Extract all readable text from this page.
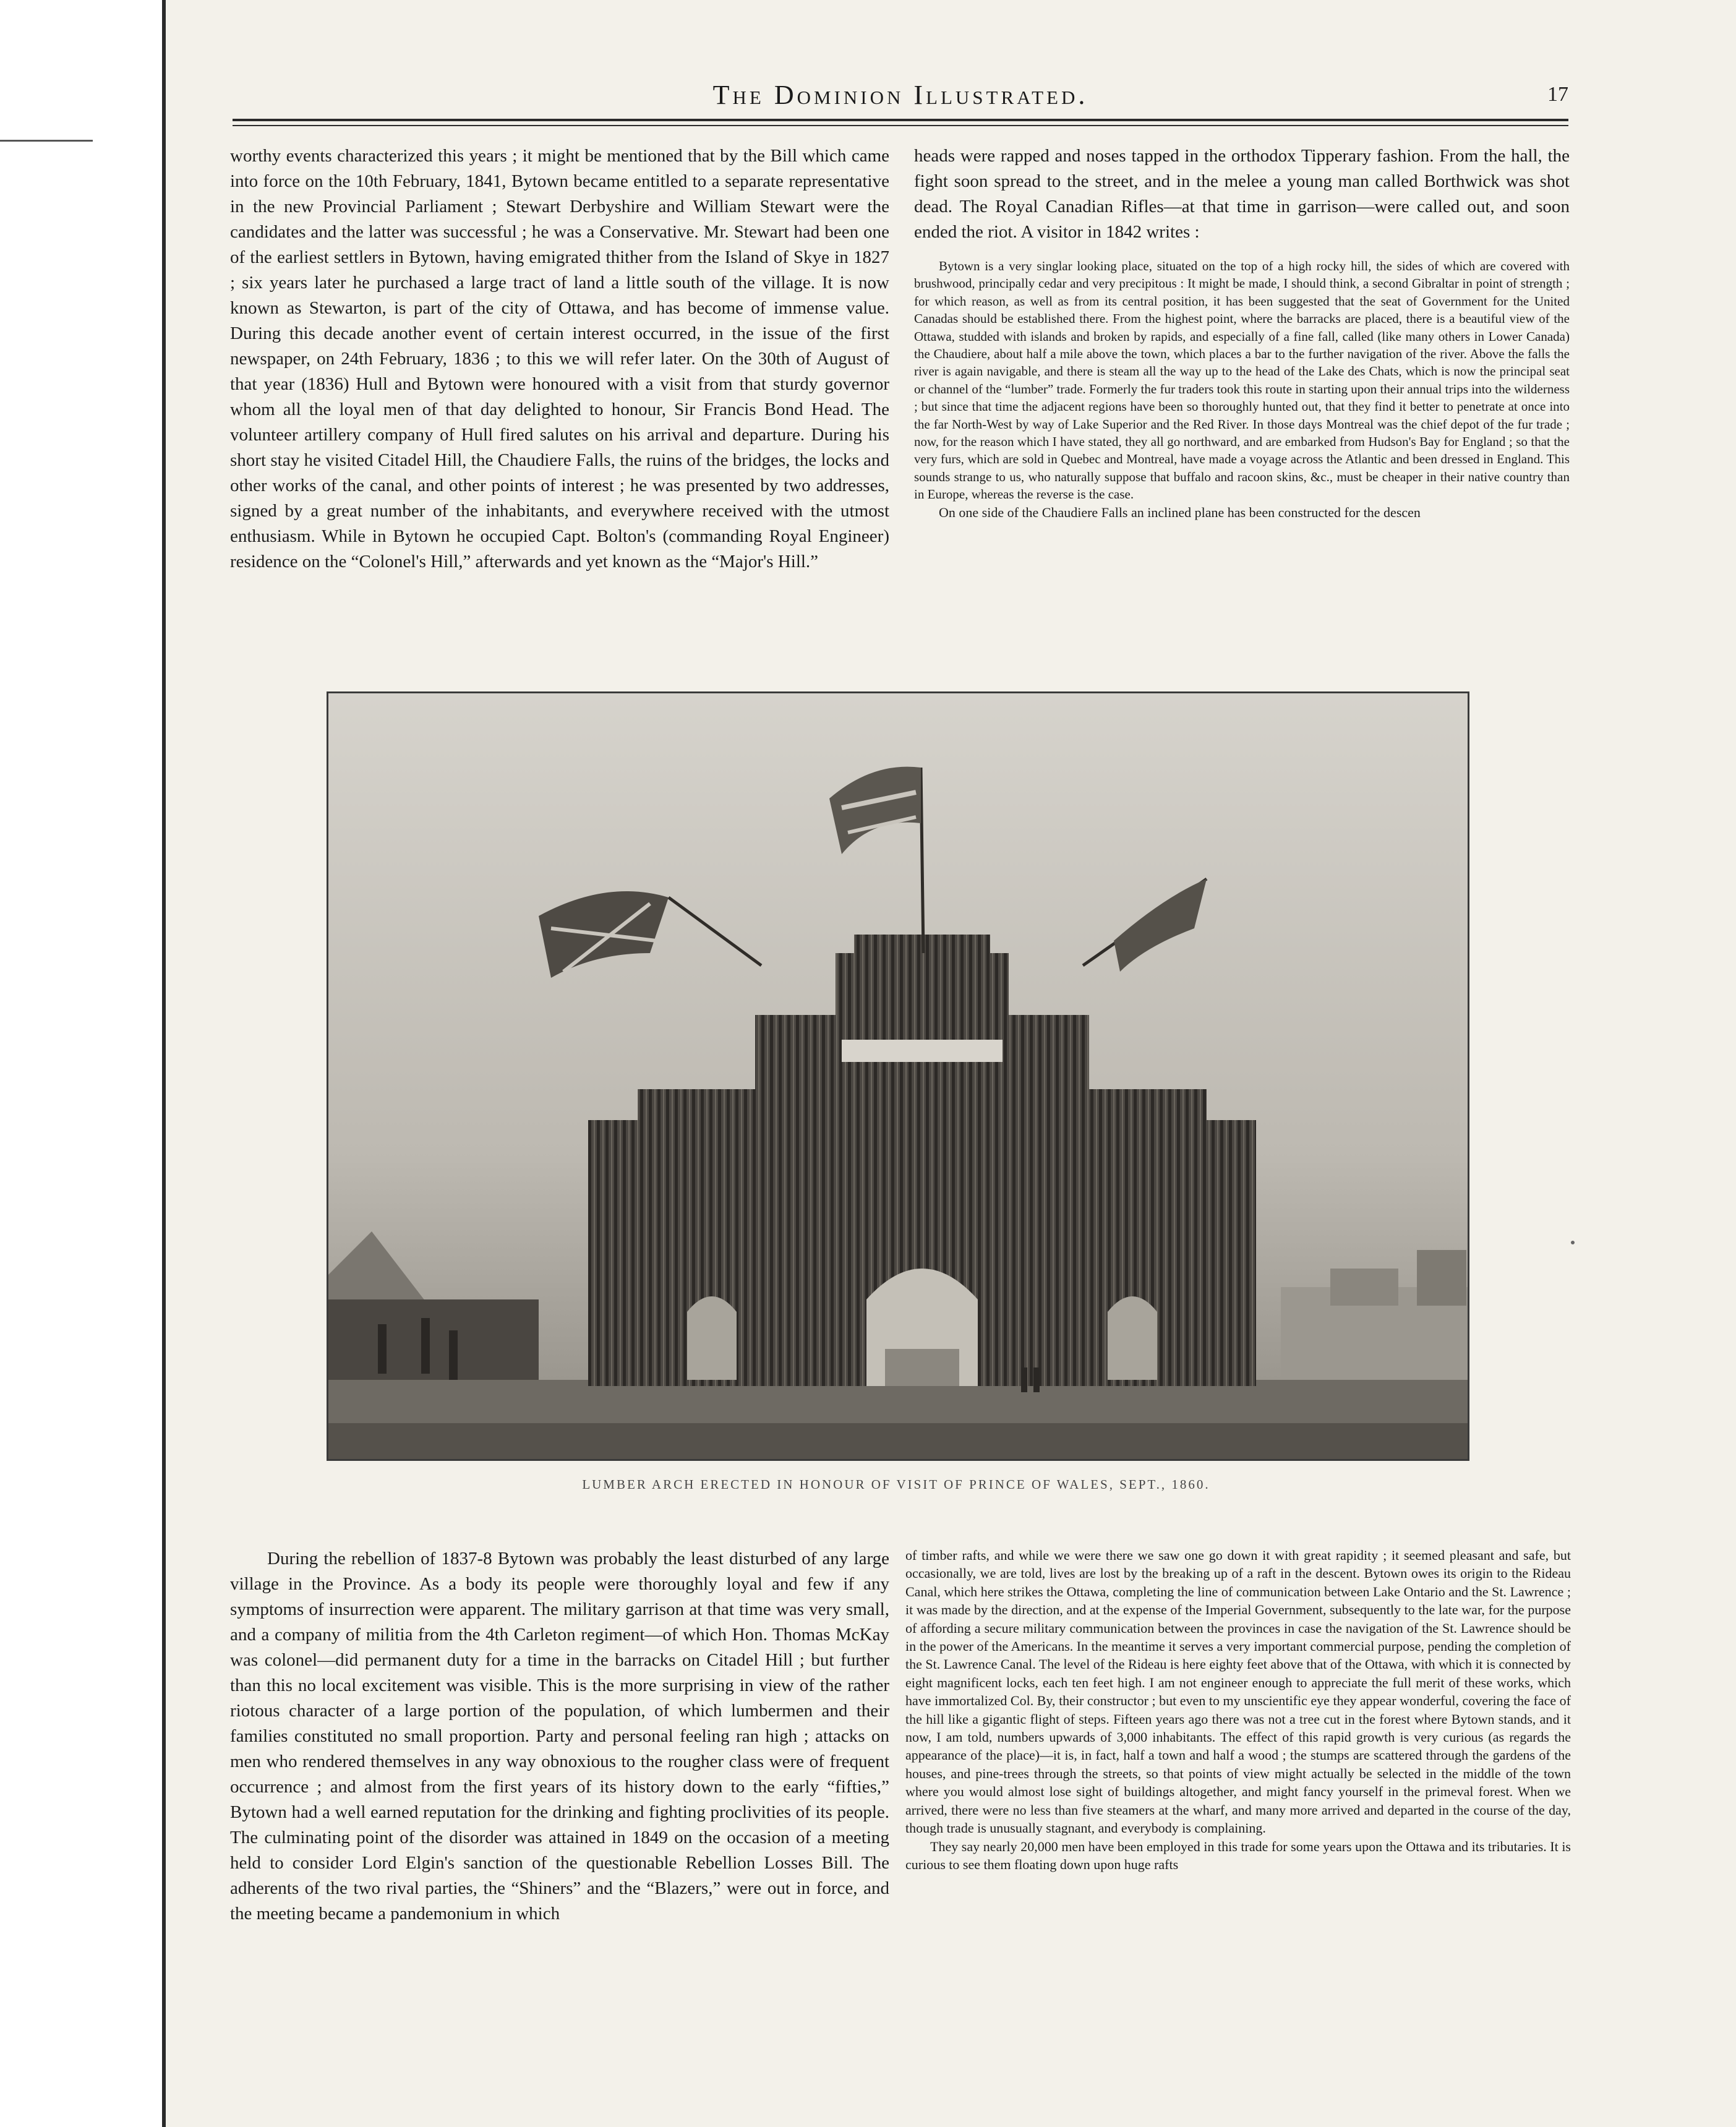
The Dominion Illustrated.	17

worthy events characterized this years ; it might be mentioned that by the Bill which came into force on the 10th February, 1841, Bytown became entitled to a separate representative in the new Provincial Parliament ; Stewart Derbyshire and William Stewart were the candidates and the latter was successful ; he was a Conservative. Mr. Stewart had been one of the earliest settlers in Bytown, having emigrated thither from the Island of Skye in 1827 ; six years later he purchased a large tract of land a little south of the village. It is now known as Stewarton, is part of the city of Ottawa, and has become of immense value. During this decade another event of certain interest occurred, in the issue of the first newspaper, on 24th February, 1836 ; to this we will refer later. On the 30th of August of that year (1836) Hull and Bytown were honoured with a visit from that sturdy governor whom all the loyal men of that day delighted to honour, Sir Francis Bond Head. The volunteer artillery company of Hull fired salutes on his arrival and departure. During his short stay he visited Citadel Hill, the Chaudiere Falls, the ruins of the bridges, the locks and other works of the canal, and other points of interest ; he was presented by two addresses, signed by a great number of the inhabitants, and everywhere received with the utmost enthusiasm. While in Bytown he occupied Capt. Bolton's (commanding Royal Engineer) residence on the “Colonel's Hill,” afterwards and yet known as the “Major's Hill.”

heads were rapped and noses tapped in the orthodox Tipperary fashion. From the hall, the fight soon spread to the street, and in the melee a young man called Borthwick was shot dead. The Royal Canadian Rifles—at that time in garrison—were called out, and soon ended the riot. A visitor in 1842 writes :

Bytown is a very singlar looking place, situated on the top of a high rocky hill, the sides of which are covered with brushwood, principally cedar and very precipitous : It might be made, I should think, a second Gibraltar in point of strength ; for which reason, as well as from its central position, it has been suggested that the seat of Government for the United Canadas should be established there. From the highest point, where the barracks are placed, there is a beautiful view of the Ottawa, studded with islands and broken by rapids, and especially of a fine fall, called (like many others in Lower Canada) the Chaudiere, about half a mile above the town, which places a bar to the further navigation of the river. Above the falls the river is again navigable, and there is steam all the way up to the head of the Lake des Chats, which is now the principal seat or channel of the “lumber” trade. Formerly the fur traders took this route in starting upon their annual trips into the wilderness ; but since that time the adjacent regions have been so thoroughly hunted out, that they find it better to penetrate at once into the far North-West by way of Lake Superior and the Red River. In those days Montreal was the chief depot of the fur trade ; now, for the reason which I have stated, they all go northward, and are embarked from Hudson's Bay for England ; so that the very furs, which are sold in Quebec and Montreal, have made a voyage across the Atlantic and been dressed in England. This sounds strange to us, who naturally suppose that buffalo and racoon skins, &c., must be cheaper in their native country than in Europe, whereas the reverse is the case.

On one side of the Chaudiere Falls an inclined plane has been constructed for the descen

LUMBER ARCH ERECTED IN HONOUR OF VISIT OF PRINCE OF WALES, SEPT., 1860.

During the rebellion of 1837-8 Bytown was probably the least disturbed of any large village in the Province. As a body its people were thoroughly loyal and few if any symptoms of insurrection were apparent. The military garrison at that time was very small, and a company of militia from the 4th Carleton regiment—of which Hon. Thomas McKay was colonel—did permanent duty for a time in the barracks on Citadel Hill ; but further than this no local excitement was visible. This is the more surprising in view of the rather riotous character of a large portion of the population, of which lumbermen and their families constituted no small proportion. Party and personal feeling ran high ; attacks on men who rendered themselves in any way obnoxious to the rougher class were of frequent occurrence ; and almost from the first years of its history down to the early “fifties,” Bytown had a well earned reputation for the drinking and fighting proclivities of its people. The culminating point of the disorder was attained in 1849 on the occasion of a meeting held to consider Lord Elgin's sanction of the questionable Rebellion Losses Bill. The adherents of the two rival parties, the “Shiners” and the “Blazers,” were out in force, and the meeting became a pandemonium in which

of timber rafts, and while we were there we saw one go down it with great rapidity ; it seemed pleasant and safe, but occasionally, we are told, lives are lost by the breaking up of a raft in the descent. Bytown owes its origin to the Rideau Canal, which here strikes the Ottawa, completing the line of communication between Lake Ontario and the St. Lawrence ; it was made by the direction, and at the expense of the Imperial Government, subsequently to the late war, for the purpose of affording a secure military communication between the provinces in case the navigation of the St. Lawrence should be in the power of the Americans. In the meantime it serves a very important commercial purpose, pending the completion of the St. Lawrence Canal. The level of the Rideau is here eighty feet above that of the Ottawa, with which it is connected by eight magnificent locks, each ten feet high. I am not engineer enough to appreciate the full merit of these works, which have immortalized Col. By, their constructor ; but even to my unscientific eye they appear wonderful, covering the face of the hill like a gigantic flight of steps. Fifteen years ago there was not a tree cut in the forest where Bytown stands, and it now, I am told, numbers upwards of 3,000 inhabitants. The effect of this rapid growth is very curious (as regards the appearance of the place)—it is, in fact, half a town and half a wood ; the stumps are scattered through the gardens of the houses, and pine-trees through the streets, so that points of view might actually be selected in the middle of the town where you would almost lose sight of buildings altogether, and might fancy yourself in the primeval forest. When we arrived, there were no less than five steamers at the wharf, and many more arrived and departed in the course of the day, though trade is unusually stagnant, and everybody is complaining.

They say nearly 20,000 men have been employed in this trade for some years upon the Ottawa and its tributaries. It is curious to see them floating down upon huge rafts
